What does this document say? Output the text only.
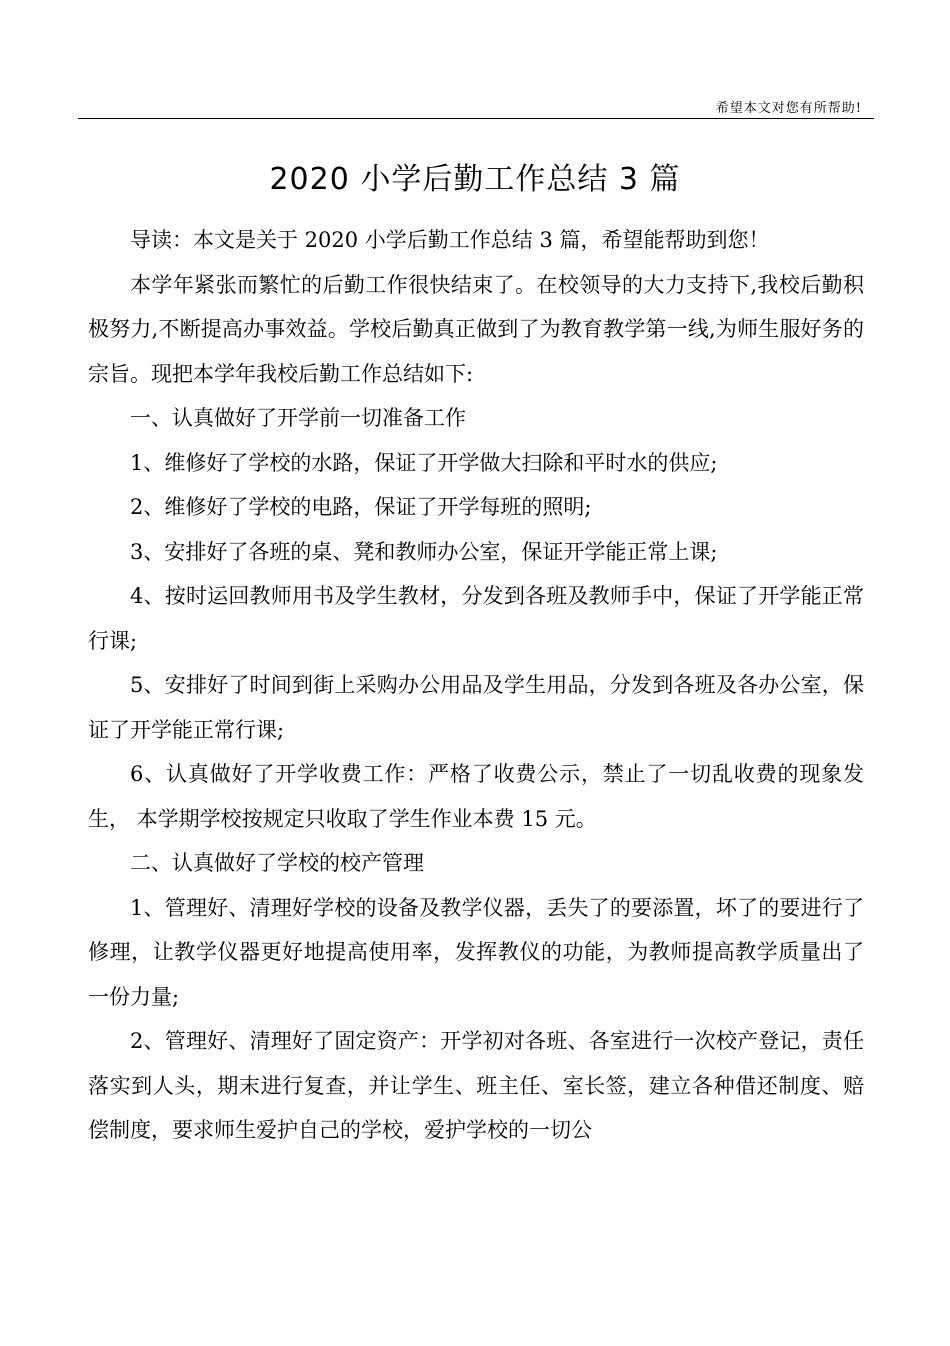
希望本文对您有所帮助!
2020 小学后勤工作总结 3 篇

导读：本文是关于 2020 小学后勤工作总结 3 篇，希望能帮助到您！

本学年紧张而繁忙的后勤工作很快结束了。在校领导的大力支持下,我校后勤积极努力,不断提高办事效益。学校后勤真正做到了为教育教学第一线,为师生服好务的宗旨。现把本学年我校后勤工作总结如下:

一、认真做好了开学前一切准备工作

1、维修好了学校的水路，保证了开学做大扫除和平时水的供应;

2、维修好了学校的电路，保证了开学每班的照明;

3、安排好了各班的桌、凳和教师办公室，保证开学能正常上课;

4、按时运回教师用书及学生教材，分发到各班及教师手中，保证了开学能正常行课;

5、安排好了时间到街上采购办公用品及学生用品，分发到各班及各办公室，保证了开学能正常行课;

6、认真做好了开学收费工作：严格了收费公示，禁止了一切乱收费的现象发生， 本学期学校按规定只收取了学生作业本费 15 元。

二、认真做好了学校的校产管理

1、管理好、清理好学校的设备及教学仪器，丢失了的要添置，坏了的要进行了修理，让教学仪器更好地提高使用率，发挥教仪的功能，为教师提高教学质量出了一份力量;

2、管理好、清理好了固定资产：开学初对各班、各室进行一次校产登记，责任落实到人头，期末进行复查，并让学生、班主任、室长签，建立各种借还制度、赔偿制度，要求师生爱护自己的学校，爱护学校的一切公
